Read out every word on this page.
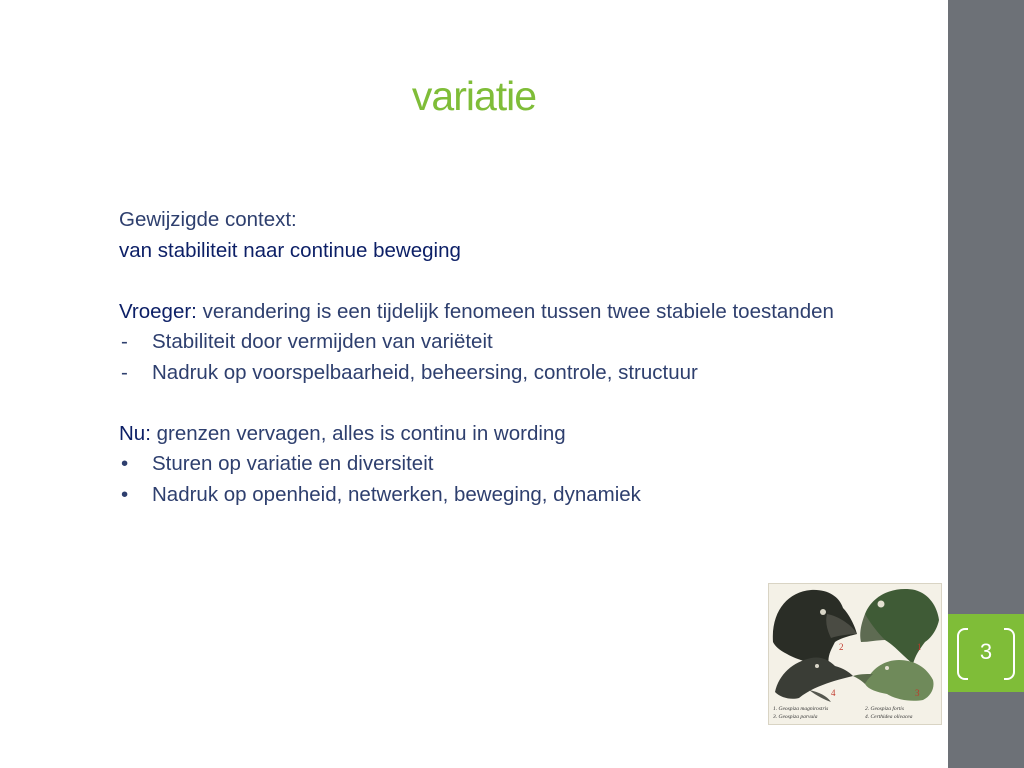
variatie

Gewijzigde context:

van stabiliteit naar continue beweging

Vroeger: verandering is een tijdelijk fenomeen tussen twee stabiele toestanden

- Stabiliteit door vermijden van variëteit

- Nadruk op voorspelbaarheid, beheersing, controle, structuur

Nu: grenzen vervagen, alles is continu in wording

• Sturen op variatie en diversiteit

• Nadruk op openheid, netwerken, beweging, dynamiek

2	1
4	3
1. Geospiza magnirostris	2. Geospiza fortis
3. Geospiza parvula	4. Certhidea olivacea
3
